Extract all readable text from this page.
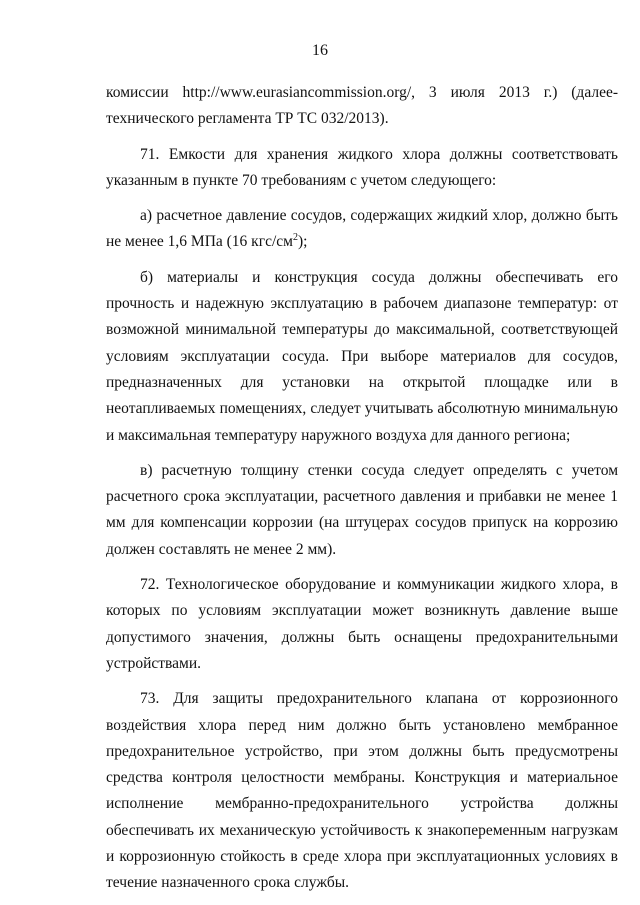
16

комиссии http://www.eurasiancommission.org/, 3 июля 2013 г.) (далее-

технического регламента ТР ТС 032/2013).

71. Емкости для хранения жидкого хлора должны соответствовать

указанным в пункте 70 требованиям с учетом следующего:

а) расчетное давление сосудов, содержащих жидкий хлор, должно быть

не менее 1,6 МПа (16 кгс/$см^2$);

б) материалы и конструкция сосуда должны обеспечивать его прочность и надежную эксплуатацию в рабочем диапазоне температур: от возможной минимальной температуры до максимальной, соответствующей условиям эксплуатации сосуда. При выборе материалов для сосудов, предназначенных для установки на открытой площадке или в неотапливаемых помещениях, следует учитывать абсолютную минимальную и максимальная температуру наружного воздуха для данного региона;

в) расчетную толщину стенки сосуда следует определять с учетом расчетного срока эксплуатации, расчетного давления и прибавки не менее 1 мм для компенсации коррозии (на штуцерах сосудов припуск на коррозию должен составлять не менее 2 мм).

72. Технологическое оборудование и коммуникации жидкого хлора, в которых по условиям эксплуатации может возникнуть давление выше допустимого значения, должны быть оснащены предохранительными устройствами.

73. Для защиты предохранительного клапана от коррозионного воздействия хлора перед ним должно быть установлено мембранное предохранительное устройство, при этом должны быть предусмотрены средства контроля целостности мембраны. Конструкция и материальное исполнение мембранно-предохранительного устройства должны обеспечивать их механическую устойчивость к знакопеременным нагрузкам и коррозионную стойкость в среде хлора при эксплуатационных условиях в течение назначенного срока службы.
